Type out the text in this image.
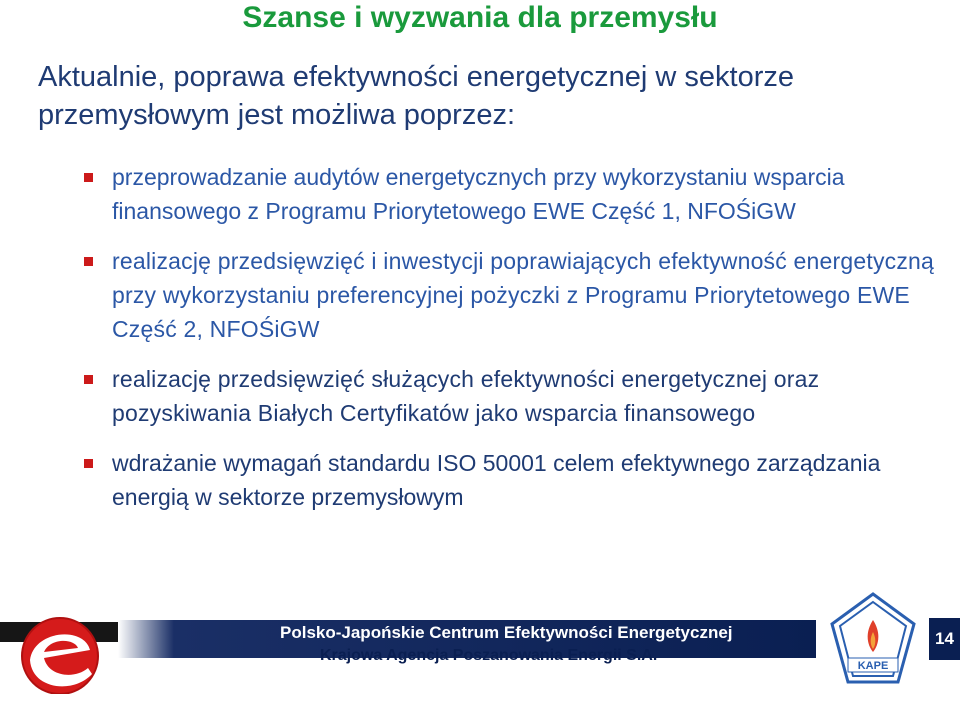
Szanse i wyzwania dla przemysłu
Aktualnie, poprawa efektywności energetycznej w sektorze przemysłowym jest możliwa poprzez:
przeprowadzanie audytów energetycznych przy wykorzystaniu wsparcia finansowego z Programu Priorytetowego EWE Część 1, NFOŚiGW
realizację przedsięwzięć i inwestycji poprawiających efektywność energetyczną przy wykorzystaniu preferencyjnej pożyczki z Programu Priorytetowego EWE Część 2, NFOŚiGW
realizację przedsięwzięć służących efektywności energetycznej oraz pozyskiwania Białych Certyfikatów jako wsparcia finansowego
wdrażanie wymagań standardu ISO 50001 celem efektywnego zarządzania energią w sektorze przemysłowym
Polsko-Japońskie Centrum Efektywności Energetycznej
Krajowa Agencja Poszanowania Energii S.A.
14
KAPE
